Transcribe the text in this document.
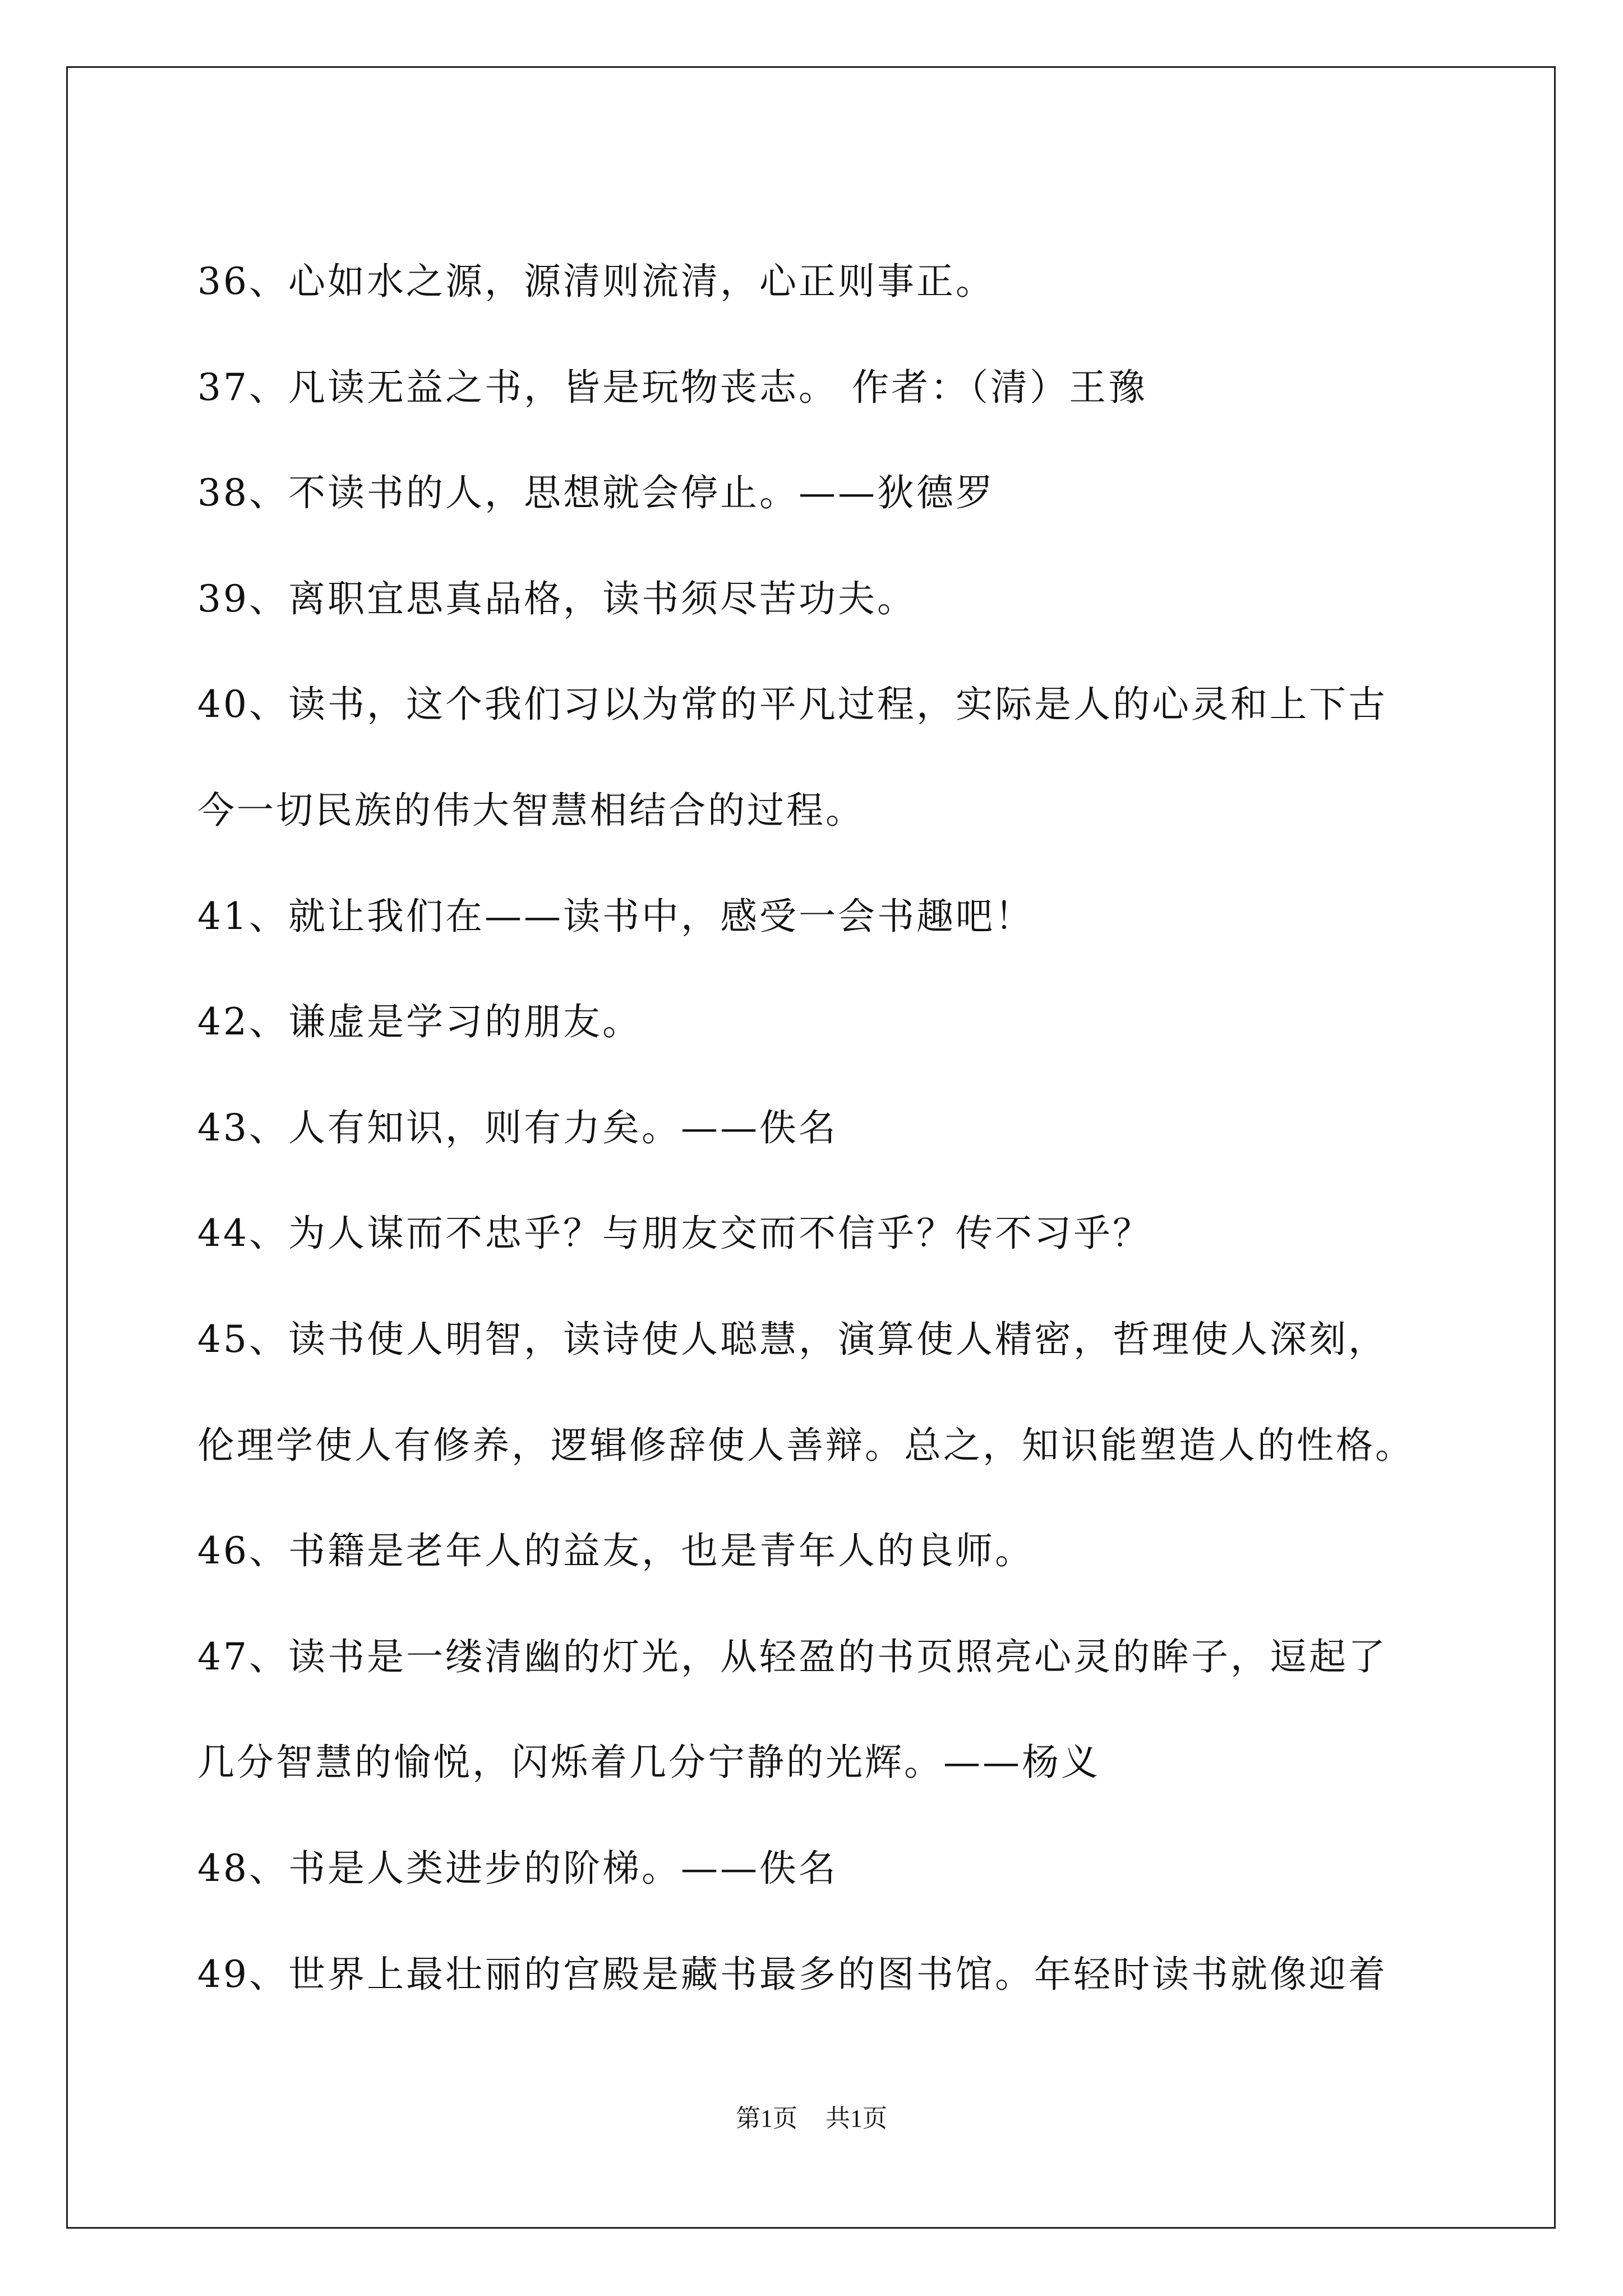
36、心如水之源，源清则流清，心正则事正。
37、凡读无益之书，皆是玩物丧志。 作者：（清）王豫
38、不读书的人，思想就会停止。——狄德罗
39、离职宜思真品格，读书须尽苦功夫。
40、读书，这个我们习以为常的平凡过程，实际是人的心灵和上下古
今一切民族的伟大智慧相结合的过程。
41、就让我们在——读书中，感受一会书趣吧！
42、谦虚是学习的朋友。
43、人有知识，则有力矣。——佚名
44、为人谋而不忠乎？与朋友交而不信乎？传不习乎？
45、读书使人明智，读诗使人聪慧，演算使人精密，哲理使人深刻，
伦理学使人有修养，逻辑修辞使人善辩。总之，知识能塑造人的性格。
46、书籍是老年人的益友，也是青年人的良师。
47、读书是一缕清幽的灯光，从轻盈的书页照亮心灵的眸子，逗起了
几分智慧的愉悦，闪烁着几分宁静的光辉。——杨义
48、书是人类进步的阶梯。——佚名
49、世界上最壮丽的宫殿是藏书最多的图书馆。年轻时读书就像迎着
第1页 共1页
